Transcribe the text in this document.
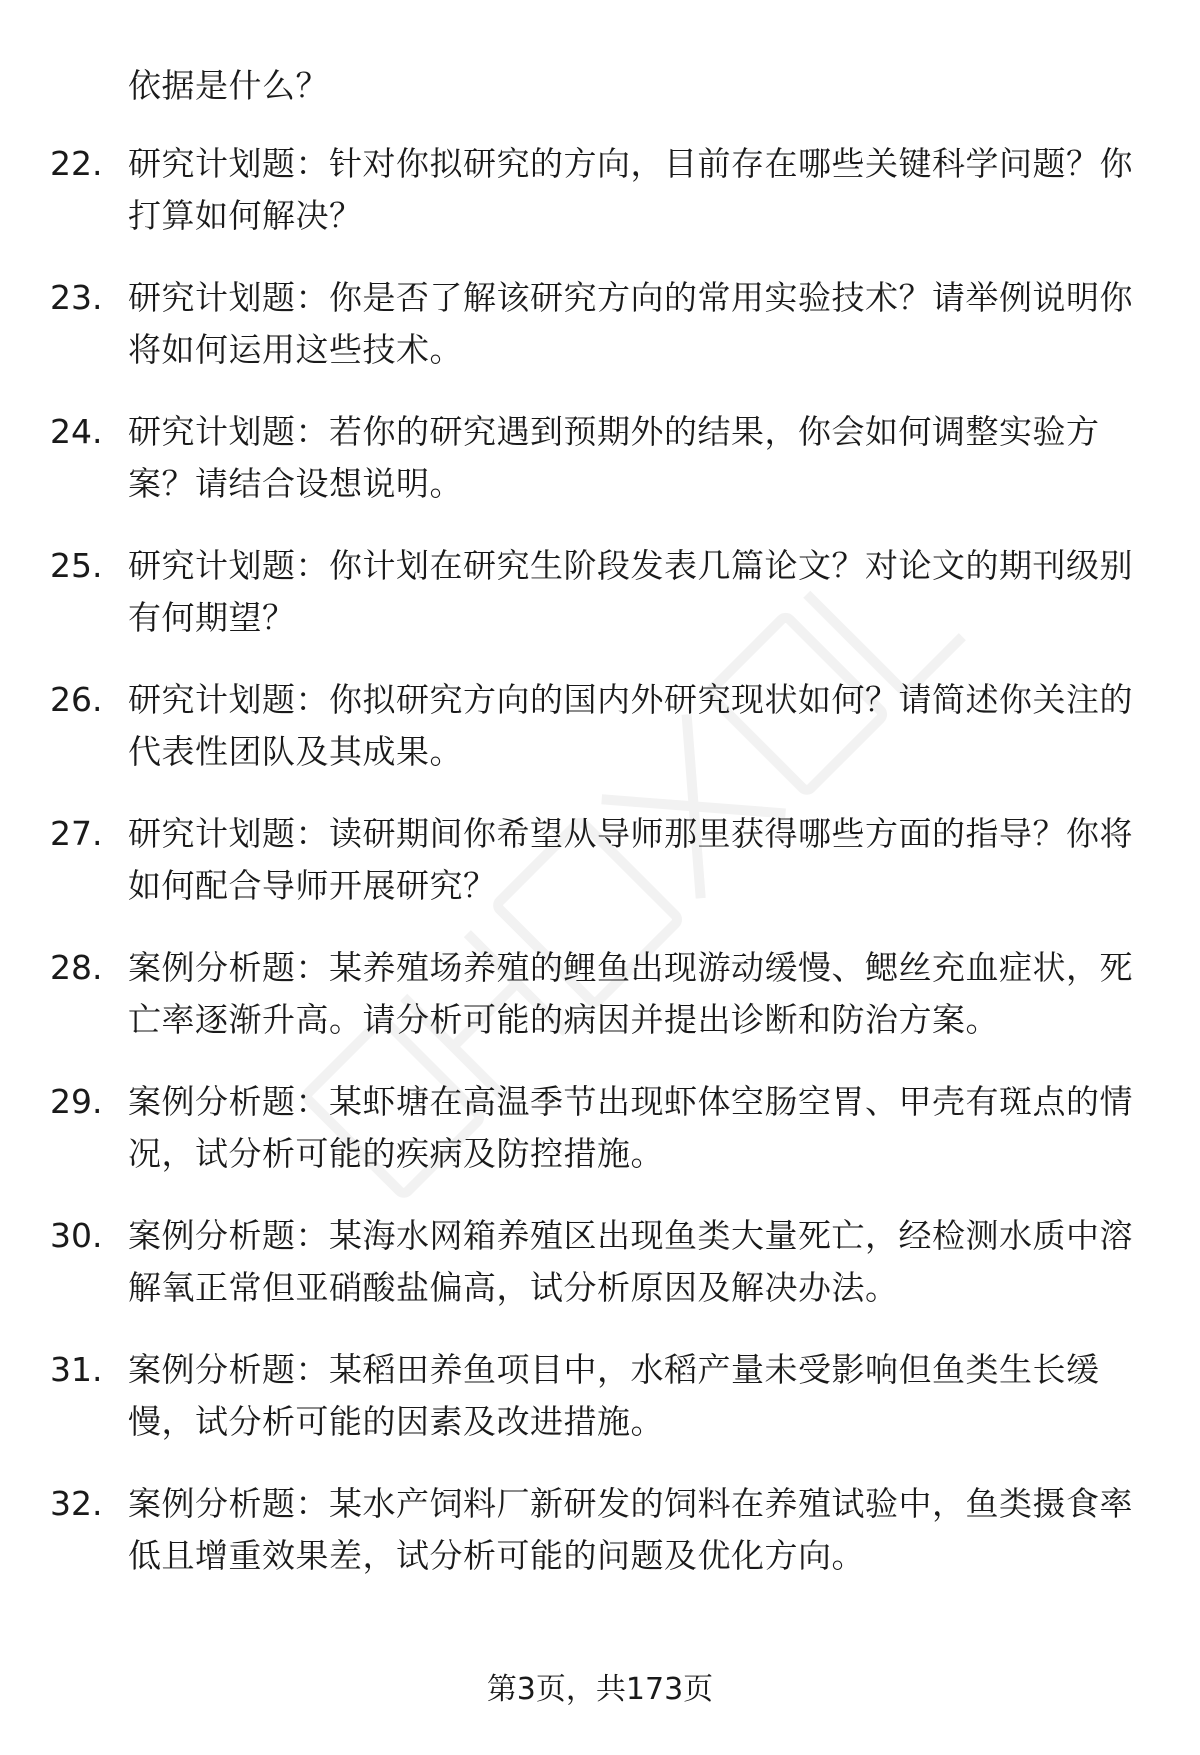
依据是什么？
22. 研究计划题：针对你拟研究的方向，目前存在哪些关键科学问题？你打算如何解决？
23. 研究计划题：你是否了解该研究方向的常用实验技术？请举例说明你将如何运用这些技术。
24. 研究计划题：若你的研究遇到预期外的结果，你会如何调整实验方案？请结合设想说明。
25. 研究计划题：你计划在研究生阶段发表几篇论文？对论文的期刊级别有何期望？
26. 研究计划题：你拟研究方向的国内外研究现状如何？请简述你关注的代表性团队及其成果。
27. 研究计划题：读研期间你希望从导师那里获得哪些方面的指导？你将如何配合导师开展研究？
28. 案例分析题：某养殖场养殖的鲤鱼出现游动缓慢、鳃丝充血症状，死亡率逐渐升高。请分析可能的病因并提出诊断和防治方案。
29. 案例分析题：某虾塘在高温季节出现虾体空肠空胃、甲壳有斑点的情况，试分析可能的疾病及防控措施。
30. 案例分析题：某海水网箱养殖区出现鱼类大量死亡，经检测水质中溶解氧正常但亚硝酸盐偏高，试分析原因及解决办法。
31. 案例分析题：某稻田养鱼项目中，水稻产量未受影响但鱼类生长缓慢，试分析可能的因素及改进措施。
32. 案例分析题：某水产饲料厂新研发的饲料在养殖试验中，鱼类摄食率低且增重效果差，试分析可能的问题及优化方向。
第3页，共173页
